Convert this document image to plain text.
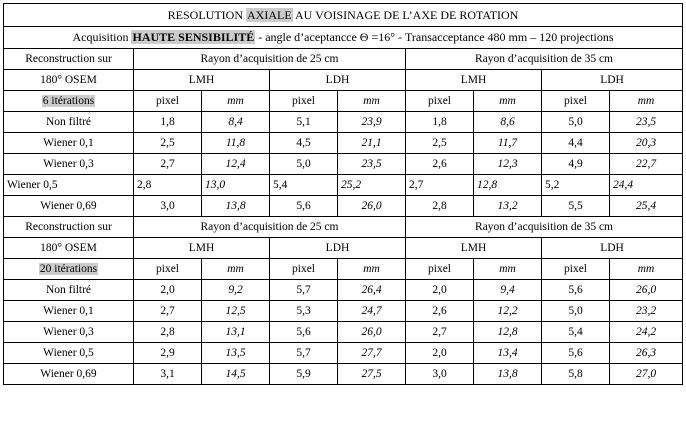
RESOLUTION AXIALE AU VOISINAGE DE L’AXE DE ROTATION								
Acquisition HAUTE SENSIBILITÉ - angle d’aceptancce Θ =16° - Transacceptance 480 mm – 120 projections								
Reconstruction sur	Rayon d’acquisition de 25 cm				Rayon d’acquisition de 35 cm			
180° OSEM	LMH		LDH		LMH		LDH	
6 itérations	pixel	mm	pixel	mm	pixel	mm	pixel	mm
Non filtré	1,8	8,4	5,1	23,9	1,8	8,6	5,0	23,5
Wiener 0,1	2,5	11,8	4,5	21,1	2,5	11,7	4,4	20,3
Wiener 0,3	2,7	12,4	5,0	23,5	2,6	12,3	4,9	22,7
Wiener 0,5	2,8	13,0	5,4	25,2	2,7	12,8	5,2	24,4
Wiener 0,69	3,0	13,8	5,6	26,0	2,8	13,2	5,5	25,4
Reconstruction sur	Rayon d’acquisition de 25 cm				Rayon d’acquisition de 35 cm			
180° OSEM	LMH		LDH		LMH		LDH	
20 itérations	pixel	mm	pixel	mm	pixel	mm	pixel	mm
Non filtré	2,0	9,2	5,7	26,4	2,0	9,4	5,6	26,0
Wiener 0,1	2,7	12,5	5,3	24,7	2,6	12,2	5,0	23,2
Wiener 0,3	2,8	13,1	5,6	26,0	2,7	12,8	5,4	24,2
Wiener 0,5	2,9	13,5	5,7	27,7	2,0	13,4	5,6	26,3
Wiener 0,69	3,1	14,5	5,9	27,5	3,0	13,8	5,8	27,0
